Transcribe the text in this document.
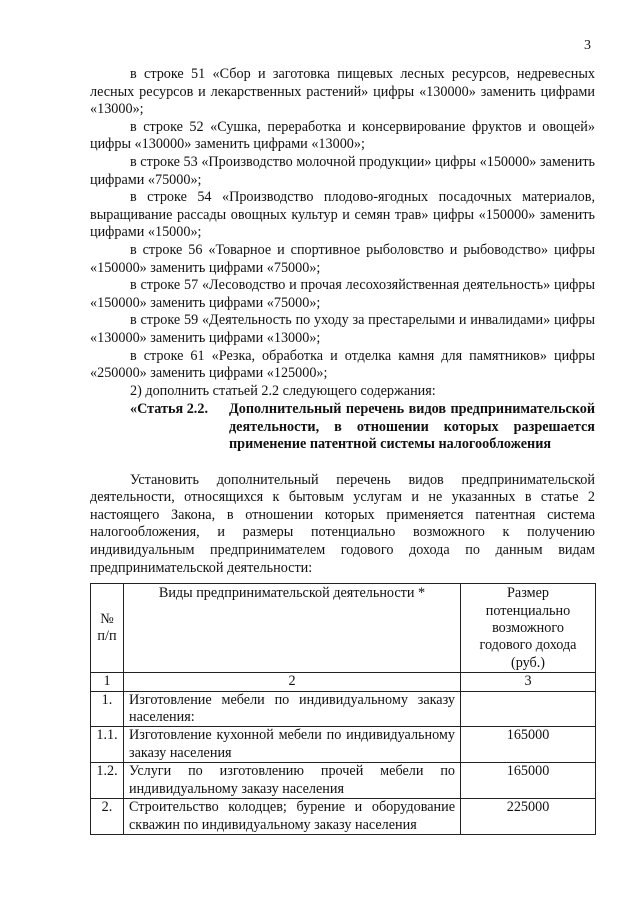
3

в строке 51 «Сбор и заготовка пищевых лесных ресурсов, недревесных лесных ресурсов и лекарственных растений» цифры «130000» заменить цифрами «13000»;

в строке 52 «Сушка, переработка и консервирование фруктов и овощей» цифры «130000» заменить цифрами «13000»;

в строке 53 «Производство молочной продукции» цифры «150000» заменить цифрами «75000»;

в строке 54 «Производство плодово-ягодных посадочных материалов, выращивание рассады овощных культур и семян трав» цифры «150000» заменить цифрами «15000»;

в строке 56 «Товарное и спортивное рыболовство и рыбоводство» цифры «150000» заменить цифрами «75000»;

в строке 57 «Лесоводство и прочая лесохозяйственная деятельность» цифры «150000» заменить цифрами «75000»;

в строке 59 «Деятельность по уходу за престарелыми и инвалидами» цифры «130000» заменить цифрами «13000»;

в строке 61 «Резка, обработка и отделка камня для памятников» цифры «250000» заменить цифрами «125000»;

2) дополнить статьей 2.2 следующего содержания:

«Статья 2.2.	Дополнительный перечень видов предпринимательской деятельности, в отношении которых разрешается применение патентной системы налогообложения

Установить дополнительный перечень видов предпринимательской деятельности, относящихся к бытовым услугам и не указанных в статье 2 настоящего Закона, в отношении которых применяется патентная система налогообложения, и размеры потенциально возможного к получению индивидуальным предпринимателем годового дохода по данным видам предпринимательской деятельности:

№ п/п	Виды предпринимательской деятельности *	Размер потенциально возможного годового дохода (руб.)
1	2	3
1.	Изготовление мебели по индивидуальному заказу населения:	
1.1.	Изготовление кухонной мебели по индивидуальному заказу населения	165000
1.2.	Услуги по изготовлению прочей мебели по индивидуальному заказу населения	165000
2.	Строительство колодцев; бурение и оборудование скважин по индивидуальному заказу населения	225000
